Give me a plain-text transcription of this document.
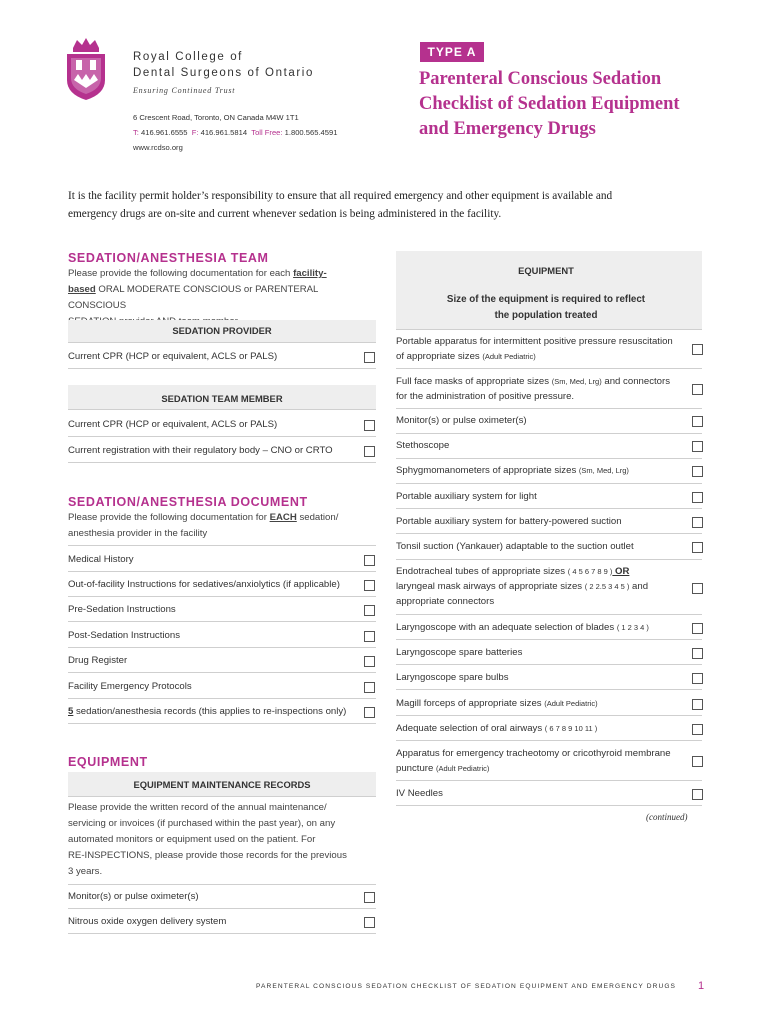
Royal College of
Dental Surgeons of Ontario
Ensuring Continued Trust
6 Crescent Road, Toronto, ON Canada M4W 1T1
T: 416.961.6555 F: 416.961.5814 Toll Free: 1.800.565.4591
www.rcdso.org
TYPE A
Parenteral Conscious Sedation
Checklist of Sedation Equipment
and Emergency Drugs
It is the facility permit holder’s responsibility to ensure that all required emergency and other equipment is available and
emergency drugs are on-site and current whenever sedation is being administered in the facility.
SEDATION/ANESTHESIA TEAM
Please provide the following documentation for each facility-
based ORAL MODERATE CONSCIOUS or PARENTERAL CONSCIOUS

SEDATION PROVIDER
Current CPR (HCP or equivalent, ACLS or PALS)
SEDATION TEAM MEMBER
Current CPR (HCP or equivalent, ACLS or PALS)
Current registration with their regulatory body – CNO or CRTO
SEDATION/ANESTHESIA DOCUMENT
Please provide the following documentation for EACH sedation/
anesthesia provider in the facility
Medical History
Out-of-facility Instructions for sedatives/anxiolytics (if applicable)
Pre-Sedation Instructions
Post-Sedation Instructions
Drug Register
Facility Emergency Protocols
5 sedation/anesthesia records (this applies to re-inspections only)
EQUIPMENT
EQUIPMENT MAINTENANCE RECORDS
Please provide the written record of the annual maintenance/
servicing or invoices (if purchased within the past year), on any
automated monitors or equipment used on the patient. For
RE-INSPECTIONS, please provide those records for the previous
3 years.
Monitor(s) or pulse oximeter(s)
Nitrous oxide oxygen delivery system
EQUIPMENT
Size of the equipment is required to reflect
the population treated
Portable apparatus for intermittent positive pressure resuscitation
of appropriate sizes (Adult Pediatric)
Full face masks of appropriate sizes (Sm, Med, Lrg) and connectors
for the administration of positive pressure.
Monitor(s) or pulse oximeter(s)
Stethoscope
Sphygmomanometers of appropriate sizes (Sm, Med, Lrg)
Portable auxiliary system for light
Portable auxiliary system for battery-powered suction
Tonsil suction (Yankauer) adaptable to the suction outlet
Endotracheal tubes of appropriate sizes ( 4 5 6 7 8 9 ) OR
laryngeal mask airways of appropriate sizes ( 2 2.5 3 4 5 ) and
appropriate connectors
Laryngoscope with an adequate selection of blades ( 1 2 3 4 )
Laryngoscope spare batteries
Laryngoscope spare bulbs
Magill forceps of appropriate sizes (Adult Pediatric)
Adequate selection of oral airways ( 6 7 8 9 10 11 )
Apparatus for emergency tracheotomy or cricothyroid membrane
puncture (Adult Pediatric)
IV Needles
(continued)
PARENTERAL CONSCIOUS SEDATION CHECKLIST OF SEDATION EQUIPMENT AND EMERGENCY DRUGS 1
